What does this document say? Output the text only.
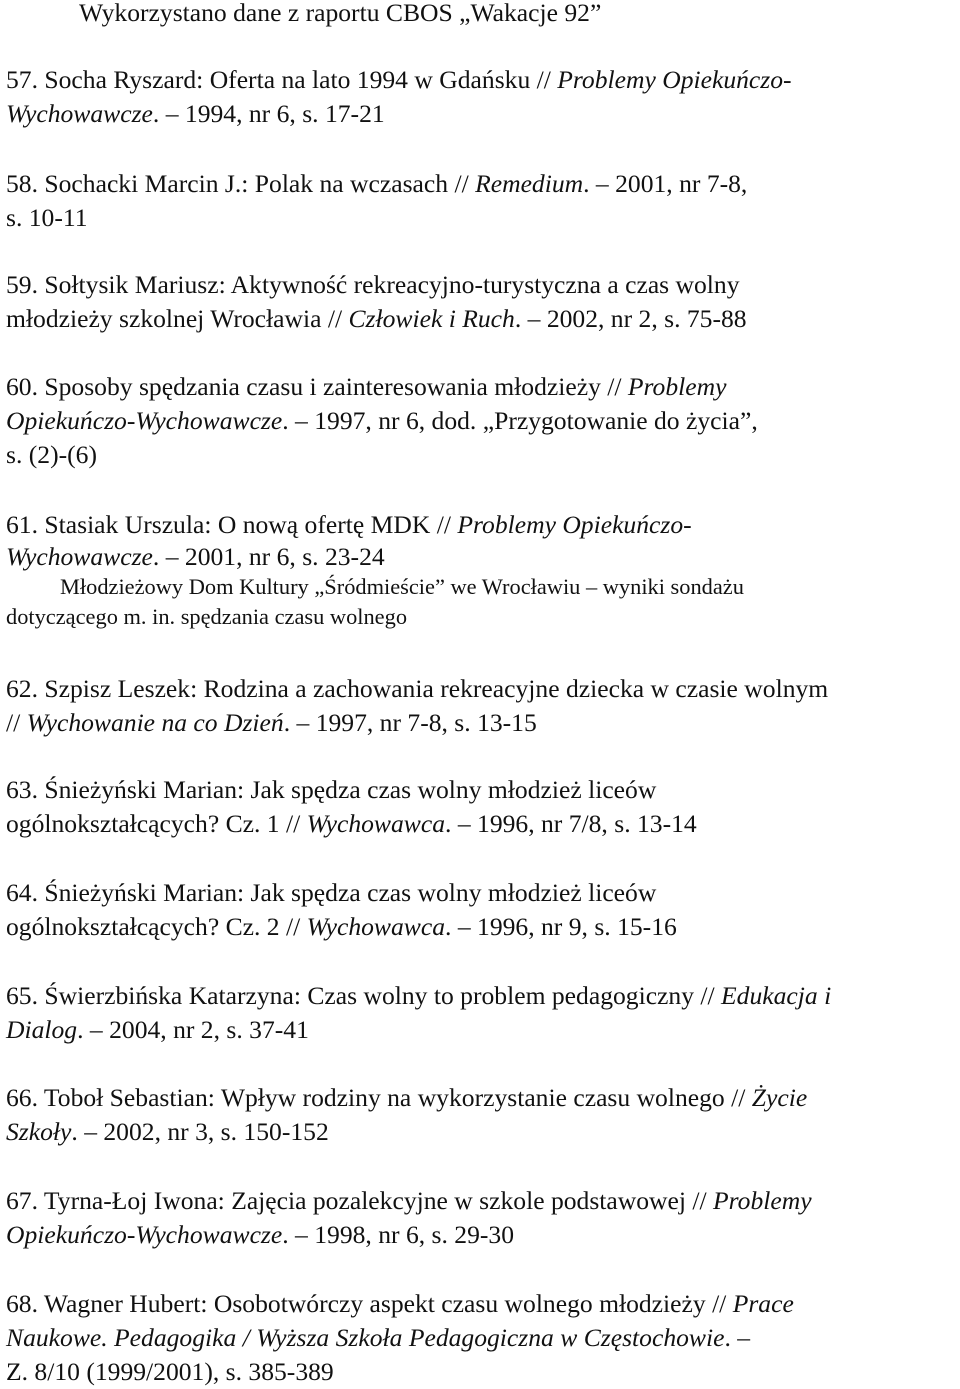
Wykorzystano dane z raportu CBOS „Wakacje 92”
57. Socha Ryszard: Oferta na lato 1994 w Gdańsku // Problemy Opiekuńczo-
Wychowawcze. – 1994, nr 6, s. 17-21
58. Sochacki Marcin J.: Polak na wczasach // Remedium. – 2001, nr 7-8,
s. 10-11
59. Sołtysik Mariusz: Aktywność rekreacyjno-turystyczna a czas wolny
młodzieży szkolnej Wrocławia // Człowiek i Ruch. – 2002, nr 2, s. 75-88
60. Sposoby spędzania czasu i zainteresowania młodzieży // Problemy
Opiekuńczo-Wychowawcze. – 1997, nr 6, dod. „Przygotowanie do życia”,
s. (2)-(6)
61. Stasiak Urszula: O nową ofertę MDK // Problemy Opiekuńczo-
Wychowawcze. – 2001, nr 6, s. 23-24
Młodzieżowy Dom Kultury „Śródmieście” we Wrocławiu – wyniki sondażu
dotyczącego m. in. spędzania czasu wolnego
62. Szpisz Leszek: Rodzina a zachowania rekreacyjne dziecka w czasie wolnym
// Wychowanie na co Dzień. – 1997, nr 7-8, s. 13-15
63. Śnieżyński Marian: Jak spędza czas wolny młodzież liceów
ogólnokształcących? Cz. 1 // Wychowawca. – 1996, nr 7/8, s. 13-14
64. Śnieżyński Marian: Jak spędza czas wolny młodzież liceów
ogólnokształcących? Cz. 2 // Wychowawca. – 1996, nr 9, s. 15-16
65. Świerzbińska Katarzyna: Czas wolny to problem pedagogiczny // Edukacja i
Dialog. – 2004, nr 2, s. 37-41
66. Toboł Sebastian: Wpływ rodziny na wykorzystanie czasu wolnego // Życie
Szkoły. – 2002, nr 3, s. 150-152
67. Tyrna-Łoj Iwona: Zajęcia pozalekcyjne w szkole podstawowej // Problemy
Opiekuńczo-Wychowawcze. – 1998, nr 6, s. 29-30
68. Wagner Hubert: Osobotwórczy aspekt czasu wolnego młodzieży // Prace
Naukowe. Pedagogika / Wyższa Szkoła Pedagogiczna w Częstochowie. –
Z. 8/10 (1999/2001), s. 385-389
